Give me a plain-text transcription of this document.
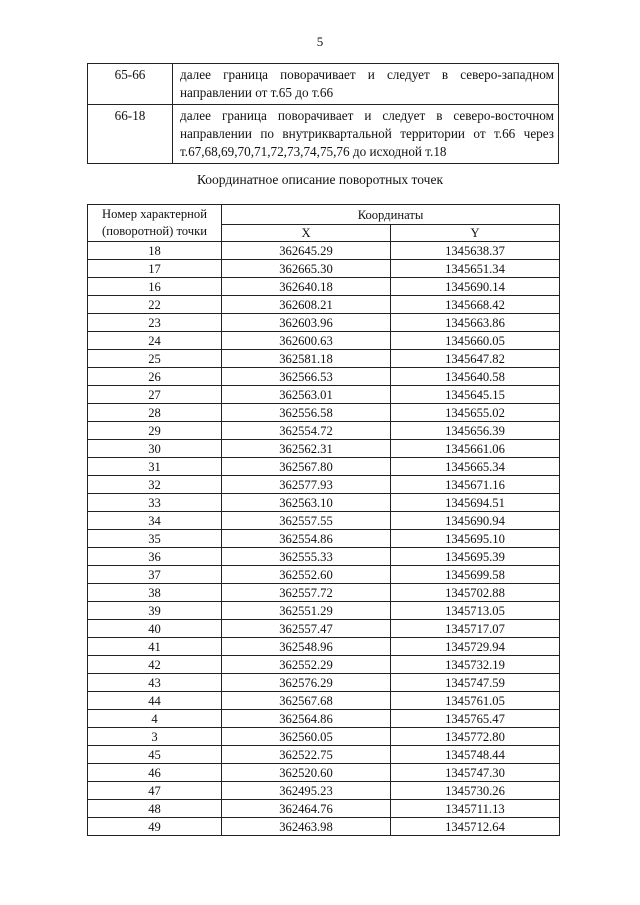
5
65-66	далее граница поворачивает и следует в северо-западном направлении от т.65 до т.66
66-18	далее граница поворачивает и следует в северо-восточном направлении по внутриквартальной территории от т.66 через т.67,68,69,70,71,72,73,74,75,76 до исходной т.18
Координатное описание поворотных точек
Номер характерной (поворотной) точки	Координаты	
	X	Y
18	362645.29	1345638.37
17	362665.30	1345651.34
16	362640.18	1345690.14
22	362608.21	1345668.42
23	362603.96	1345663.86
24	362600.63	1345660.05
25	362581.18	1345647.82
26	362566.53	1345640.58
27	362563.01	1345645.15
28	362556.58	1345655.02
29	362554.72	1345656.39
30	362562.31	1345661.06
31	362567.80	1345665.34
32	362577.93	1345671.16
33	362563.10	1345694.51
34	362557.55	1345690.94
35	362554.86	1345695.10
36	362555.33	1345695.39
37	362552.60	1345699.58
38	362557.72	1345702.88
39	362551.29	1345713.05
40	362557.47	1345717.07
41	362548.96	1345729.94
42	362552.29	1345732.19
43	362576.29	1345747.59
44	362567.68	1345761.05
4	362564.86	1345765.47
3	362560.05	1345772.80
45	362522.75	1345748.44
46	362520.60	1345747.30
47	362495.23	1345730.26
48	362464.76	1345711.13
49	362463.98	1345712.64
